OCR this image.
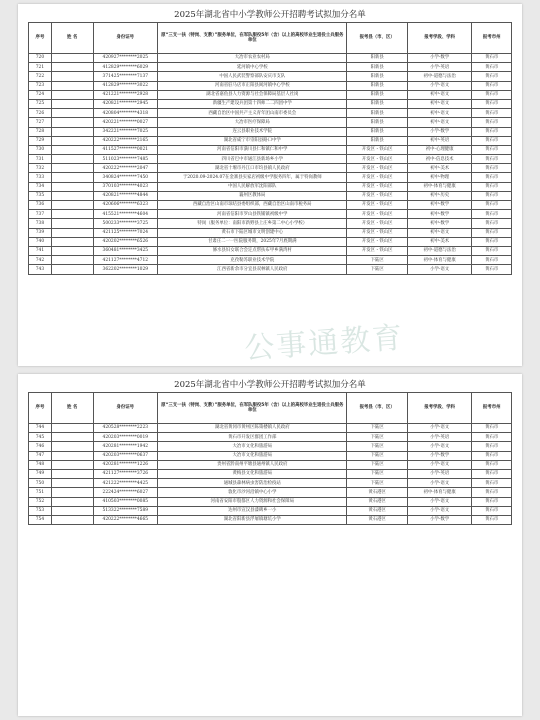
2025年湖北省中小学教师公开招聘考试拟加分名单
序号	姓 名	身份证号	原“三支一扶（特岗、支教）”服务单位，在军队服役5年（含）以上的高校毕业生退役士兵服务单位	报考县（市、区）	报考学段、学科	报考市州
720		420927********2025	大冶市农业农村局	阳新县	小学-数学	黄石市
721		412829********6029	延河镇中心学校	阳新县	小学-英语	黄石市
722		371425********7137	中国人民武装警察部队安庆市支队	阳新县	初中-道德与法治	黄石市
723		412829********3022	河南省驻马店市正阳县闾河镇中心学校	阳新县	小学-语文	黄石市
724		421221********2928	湖北省嘉鱼县人力资源与社会保障局基层人社岗	阳新县	初中-语文	黄石市
725		420821********2945	新疆生产建设兵团第十四师二二四团中学	阳新县	初中-语文	黄石市
726		420804********4318	西藏自治区中国共产主义青年团山南市委员会	阳新县	初中-语文	黄石市
727		420221********0027	大冶市医疗保障局	阳新县	初中-语文	黄石市
728		342221********7025	连云县职业技术学院	阳新县	小学-数学	黄石市
729		420222********2165	湖北省咸宁市崇阳县路口中学	阳新县	初中-英语	黄石市
730		411527********0021	河南省信阳市潢川县仁和镇仁和中学	开发区・铁山区	初中-心理健康	黄石市
731		511023********7485	四川省巴中市通江县新场乡小学	开发区・铁山区	初中-信息技术	黄石市
732		420222********2047	湖北省十堰市丹江口市均县镇人民政府	开发区・铁山区	初中-美术	黄石市
733		340824********7450	于2020.09-2024.07在金寨县实家店初级中学服务四年，属于特岗教师	开发区・铁山区	初中-物理	黄石市
734		370103********4023	中国人民解放军沈阳部队	开发区・铁山区	初中-体育与健康	黄石市
735		420821********4844	襄州区教体局	开发区・铁山区	初中-历史	黄石市
736		420606********6323	西藏自治区山南市琼结县委组织部，西藏自治区山南市税务局	开发区・铁山区	初中-数学	黄石市
737		415521********4604	河南省信阳市罗山县铁铺镇初级中学	开发区・铁山区	初中-数学	黄石市
738		500233********3725	特岗（服务单位：南阳市新野县上庄乡第二中心小学校）	开发区・铁山区	初中-数学	黄石市
739		421125********7024	黄石市下陆区城市文明创建中心	开发区・铁山区	初中-语文	黄石市
740		420202********6526	甘肃庄二一一医院服务期，2025年7月底期满	开发区・铁山区	初中-美术	黄石市
741		360481********3425	修水县妇女联合会定点帮扶布甲乡满湾村	开发区・铁山区	初中-道德与法治	黄石市
742		421127********4712	克孜勒苏职业技术学院	下陆区	初中-体育与健康	黄石市
743		362202********1029	江西省新余市分宜县双林镇人民政府	下陆区	小学-语文	黄石市
公事通教育
2025年湖北省中小学教师公开招聘考试拟加分名单
序号	姓 名	身份证号	原“三支一扶（特岗、支教）”服务单位，在军队服役5年（含）以上的高校毕业生退役士兵服务单位	报考县（市、区）	报考学段、学科	报考市州
744		420528********2223	湖北省黄冈市黄州区陈策楼镇人民政府	下陆区	小学-语文	黄石市
745		420203********0019	黄石市开发区群团工作部	下陆区	小学-英语	黄石市
746		420281********1942	大冶市文化和旅游局	下陆区	小学-语文	黄石市
747		420203********0637	大冶市文化和旅游局	下陆区	小学-数学	黄石市
748		420281********1226	贵州省黔南州平塘县通州镇人民政府	下陆区	小学-语文	黄石市
749		421127********3726	黄梅县文化和旅游局	下陆区	小学-英语	黄石市
750		421222********4425	通城县森林病虫害防治检疫站	下陆区	小学-语文	黄石市
751		222424********6027	敦化市沙河沿镇中心小学	黄石港区	初中-体育与健康	黄石市
752		410503********0085	河南省安阳市殷都区人力资源和社会保障局	黄石港区	小学-语文	黄石市
753		513322********7589	达州市宣汉县漆碑乡一小	黄石港区	小学-语文	黄石市
754		420222********4665	湖北省阳新县浮屠镇塘坑小学	黄石港区	小学-数学	黄石市
